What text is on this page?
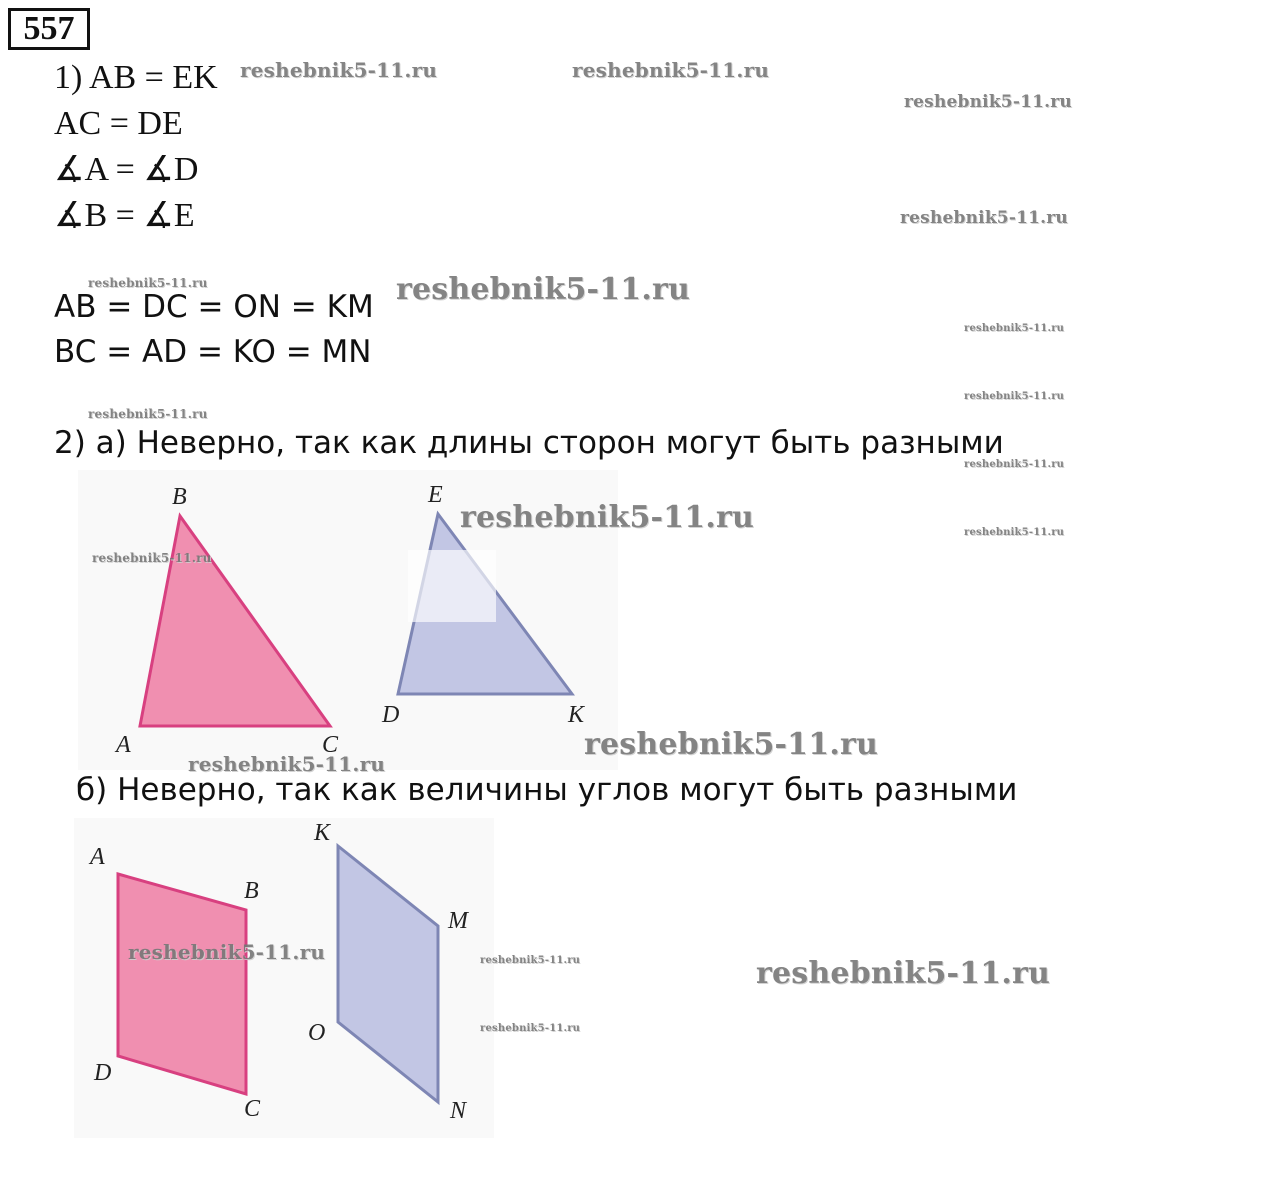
557
1) AB = EK
AC = DE
∡A = ∡D
∡B = ∡E
AB = DC = ON = KM
BC = AD = KO = MN
2) а) Неверно, так как длины сторон могут быть разными
B
A	C
E
D	K
б) Неверно, так как величины углов могут быть разными
A
B
D
C
K
M
O
N
reshebnik5-11.ru	reshebnik5-11.ru
reshebnik5-11.ru
reshebnik5-11.ru
reshebnik5-11.ru	reshebnik5-11.ru
reshebnik5-11.ru
reshebnik5-11.ru
reshebnik5-11.ru
reshebnik5-11.ru
reshebnik5-11.ru	reshebnik5-11.ru
reshebnik5-11.ru
reshebnik5-11.ru
reshebnik5-11.ru
reshebnik5-11.ru	reshebnik5-11.ru	reshebnik5-11.ru
reshebnik5-11.ru
